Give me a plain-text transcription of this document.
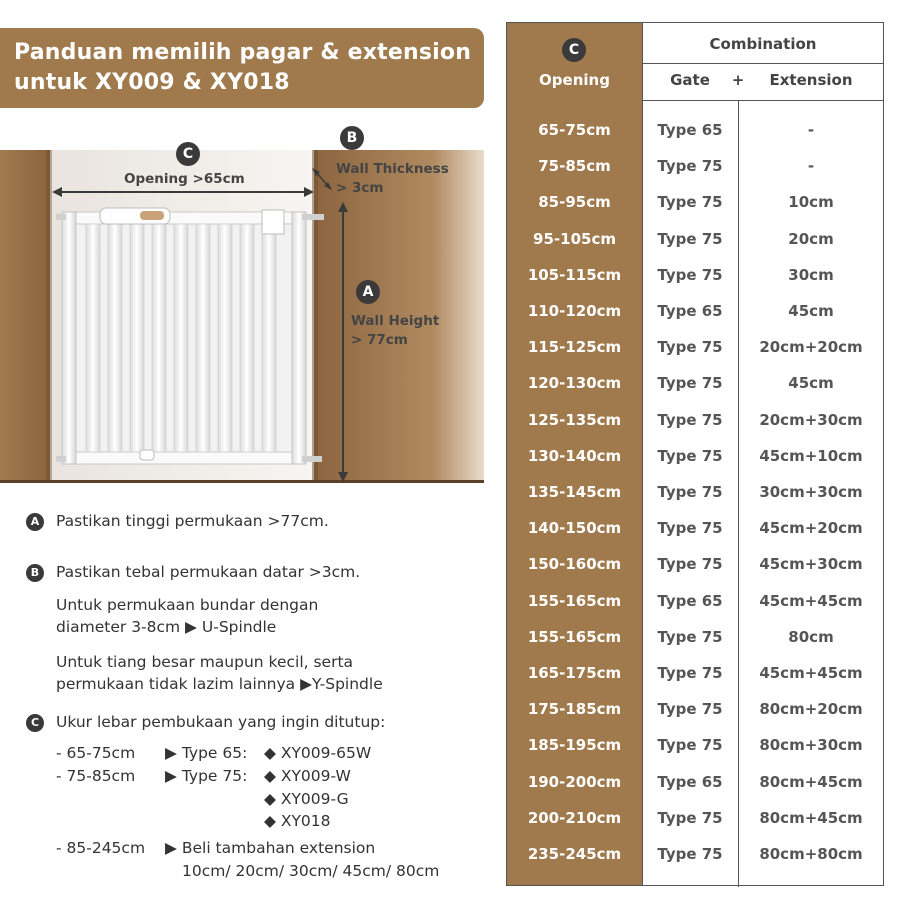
Panduan memilih pagar & extension
untuk XY009 & XY018
C
Opening >65cm
B
Wall Thickness
> 3cm
A
Wall Height
> 77cm
A	Pastikan tinggi permukaan >77cm.
B	Pastikan tebal permukaan datar >3cm.
Untuk permukaan bundar dengan
diameter 3-8cm ▶ U-Spindle
Untuk tiang besar maupun kecil, serta
permukaan tidak lazim lainnya ▶Y-Spindle
C	Ukur lebar pembukaan yang ingin ditutup:
- 65-75cm ▶ Type 65: ◆ XY009-65W
- 75-85cm ▶ Type 75: ◆ XY009-W
◆ XY009-G
◆ XY018
- 85-245cm ▶ Beli tambahan extension
10cm/ 20cm/ 30cm/ 45cm/ 80cm
C
Opening
Combination
Gate	+	Extension
65-75cm	Type 65	-
75-85cm	Type 75	-
85-95cm	Type 75	10cm
95-105cm	Type 75	20cm
105-115cm	Type 75	30cm
110-120cm	Type 65	45cm
115-125cm	Type 75	20cm+20cm
120-130cm	Type 75	45cm
125-135cm	Type 75	20cm+30cm
130-140cm	Type 75	45cm+10cm
135-145cm	Type 75	30cm+30cm
140-150cm	Type 75	45cm+20cm
150-160cm	Type 75	45cm+30cm
155-165cm	Type 65	45cm+45cm
155-165cm	Type 75	80cm
165-175cm	Type 75	45cm+45cm
175-185cm	Type 75	80cm+20cm
185-195cm	Type 75	80cm+30cm
190-200cm	Type 65	80cm+45cm
200-210cm	Type 75	80cm+45cm
235-245cm	Type 75	80cm+80cm
